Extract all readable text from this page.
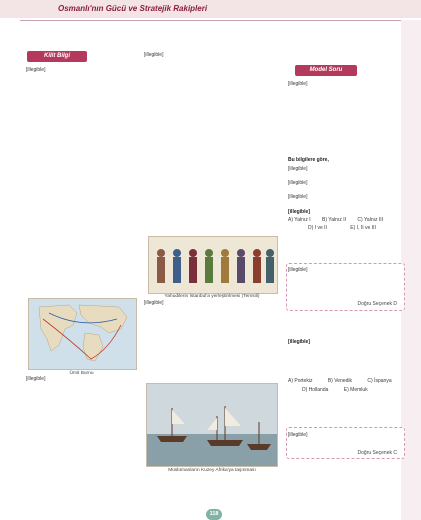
Osmanlı'nın Gücü ve Stratejik Rakipleri
Kilit Bilgi
[illegible]
Ümit Burnu
[illegible]
[illegible]
Yahudilerin İstanbul'a yerleştirilmesi (Temsili)
[illegible]
Müslümanların Kuzey Afrika'ya taşınması
Model Soru
[illegible]
Bu bilgilere göre,
[illegible]
[illegible]
[illegible]
[illegible]
A) Yalnız I B) Yalnız II C) Yalnız III
D) I ve II	E) I, II ve III
[illegible]
Doğru Seçenek D
[illegible]
A) Portekiz	B) Venedik	C) İspanya
D) Hollanda	E) Memluk
[illegible]
Doğru Seçenek C
118
